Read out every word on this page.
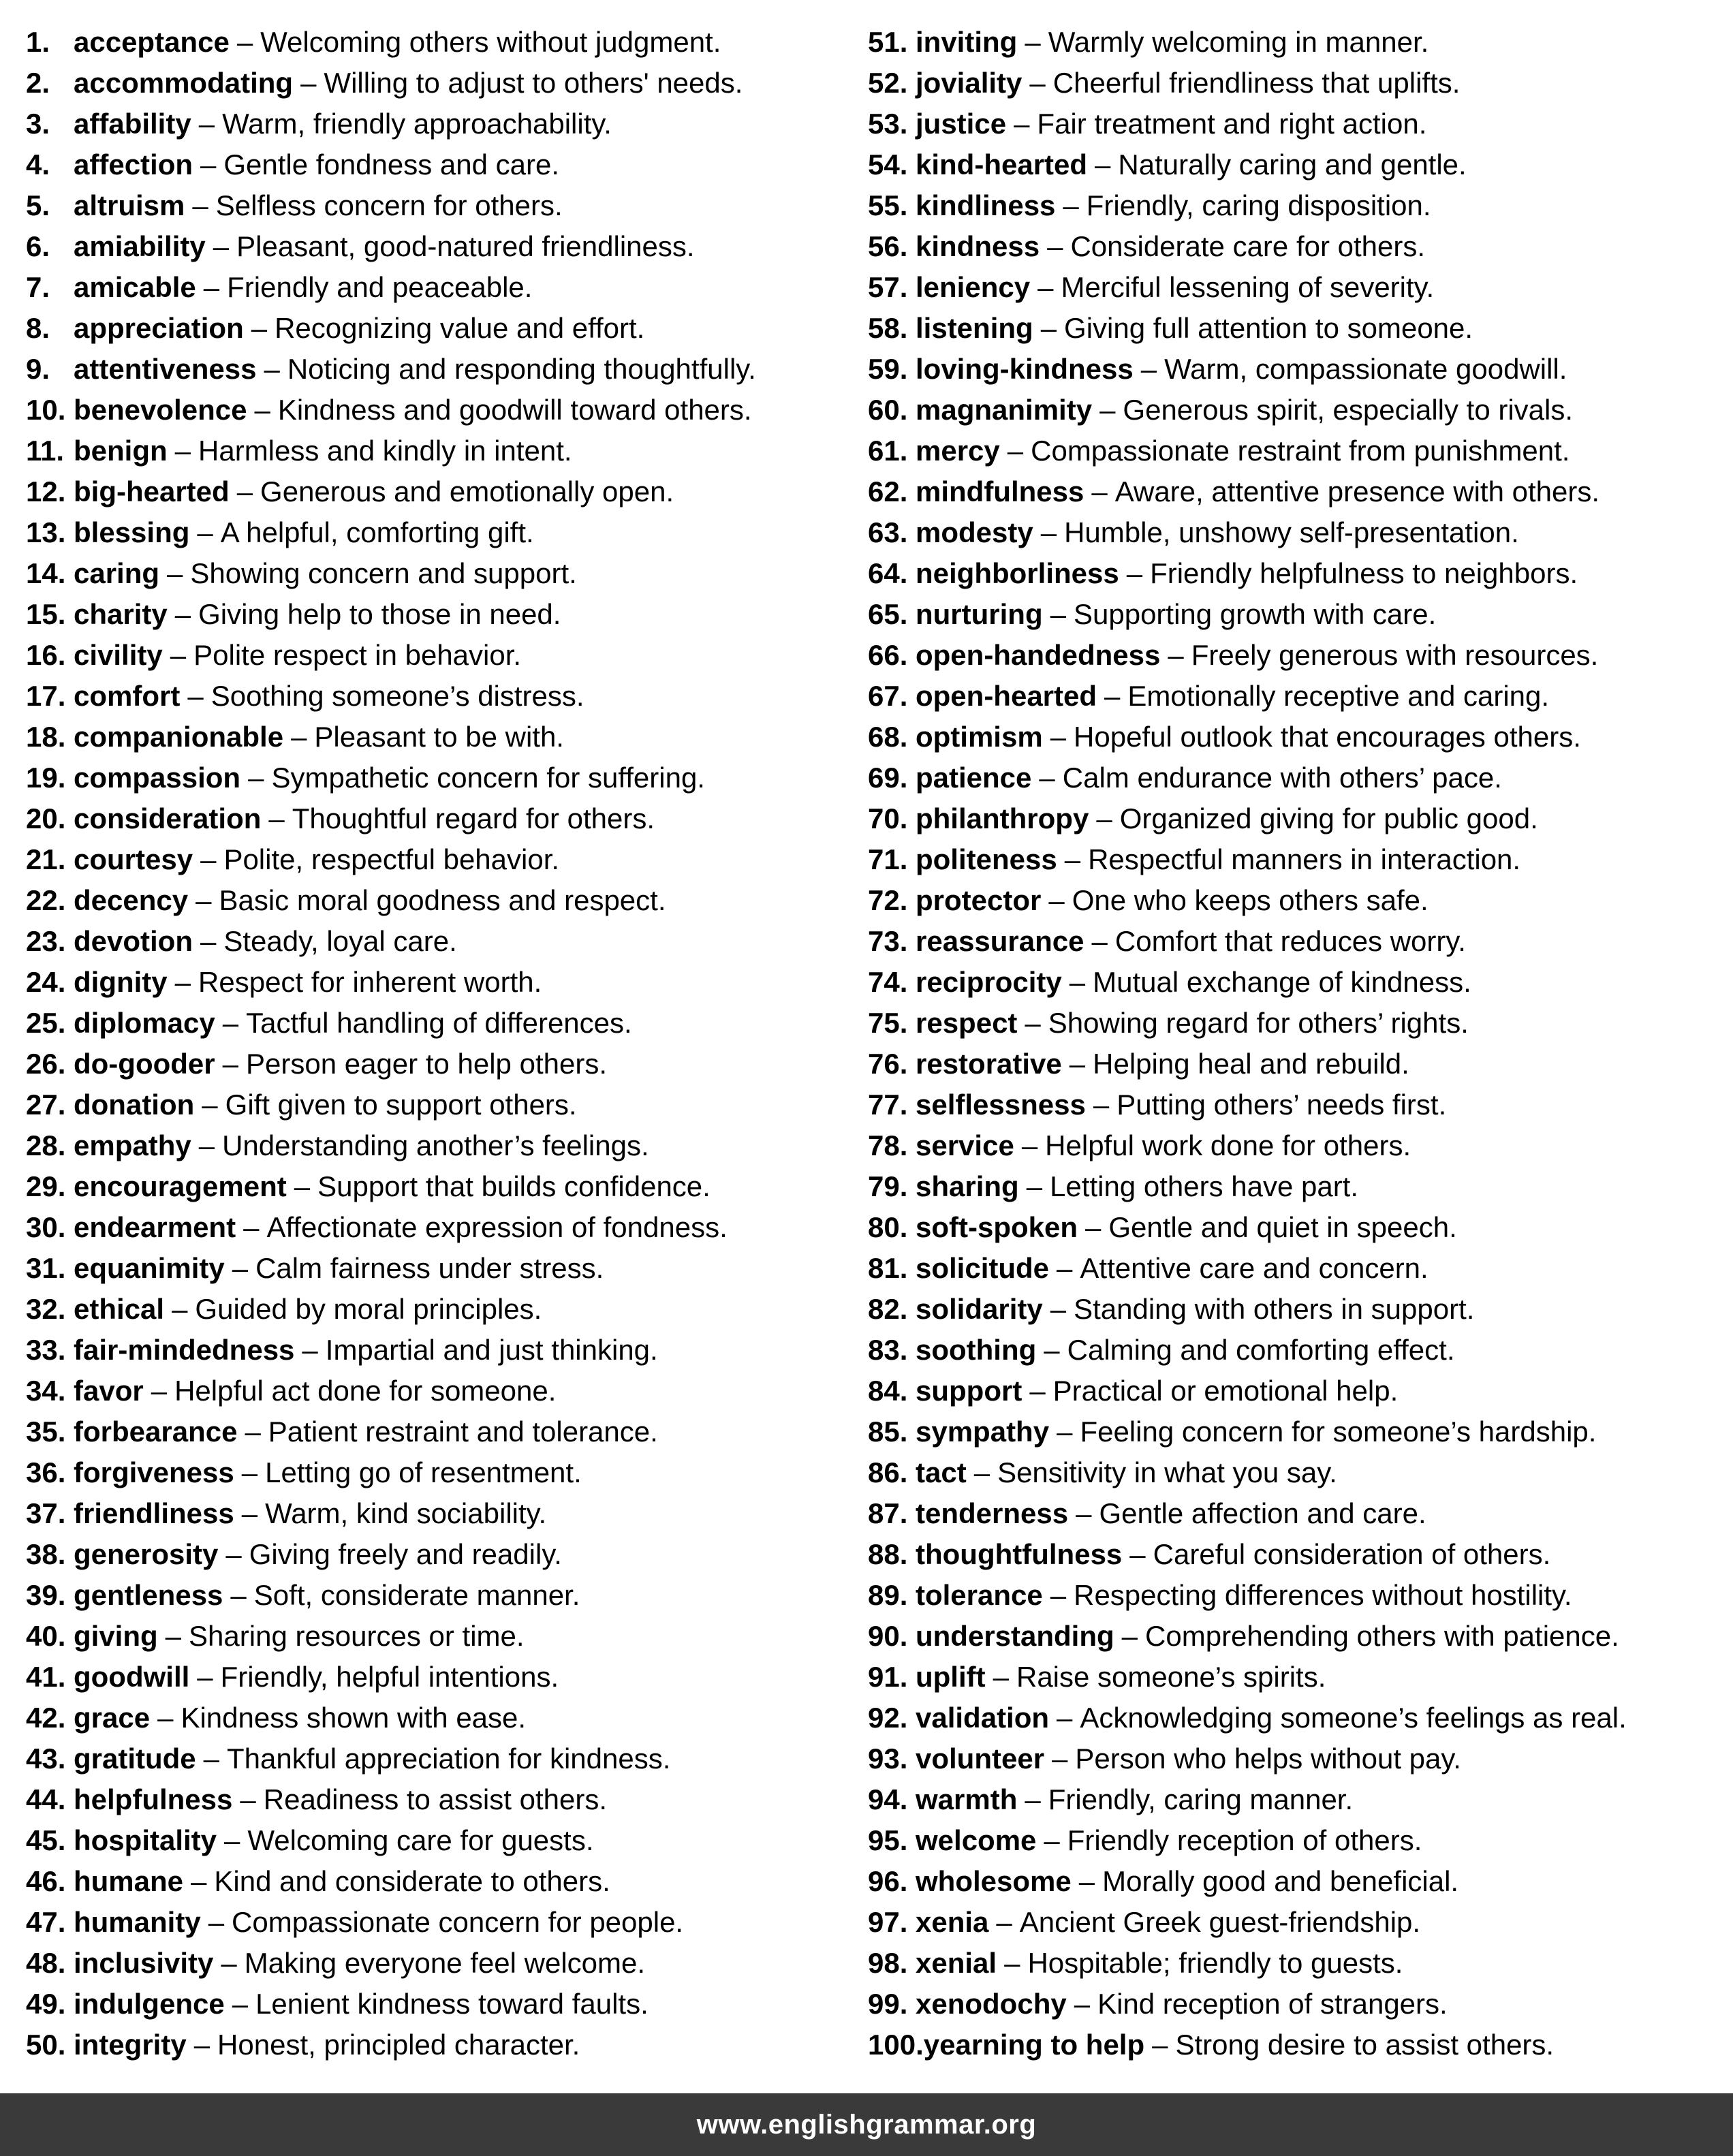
1. acceptance – Welcoming others without judgment.
2. accommodating – Willing to adjust to others' needs.
3. affability – Warm, friendly approachability.
4. affection – Gentle fondness and care.
5. altruism – Selfless concern for others.
6. amiability – Pleasant, good-natured friendliness.
7. amicable – Friendly and peaceable.
8. appreciation – Recognizing value and effort.
9. attentiveness – Noticing and responding thoughtfully.
10. benevolence – Kindness and goodwill toward others.
11. benign – Harmless and kindly in intent.
12. big-hearted – Generous and emotionally open.
13. blessing – A helpful, comforting gift.
14. caring – Showing concern and support.
15. charity – Giving help to those in need.
16. civility – Polite respect in behavior.
17. comfort – Soothing someone’s distress.
18. companionable – Pleasant to be with.
19. compassion – Sympathetic concern for suffering.
20. consideration – Thoughtful regard for others.
21. courtesy – Polite, respectful behavior.
22. decency – Basic moral goodness and respect.
23. devotion – Steady, loyal care.
24. dignity – Respect for inherent worth.
25. diplomacy – Tactful handling of differences.
26. do-gooder – Person eager to help others.
27. donation – Gift given to support others.
28. empathy – Understanding another’s feelings.
29. encouragement – Support that builds confidence.
30. endearment – Affectionate expression of fondness.
31. equanimity – Calm fairness under stress.
32. ethical – Guided by moral principles.
33. fair-mindedness – Impartial and just thinking.
34. favor – Helpful act done for someone.
35. forbearance – Patient restraint and tolerance.
36. forgiveness – Letting go of resentment.
37. friendliness – Warm, kind sociability.
38. generosity – Giving freely and readily.
39. gentleness – Soft, considerate manner.
40. giving – Sharing resources or time.
41. goodwill – Friendly, helpful intentions.
42. grace – Kindness shown with ease.
43. gratitude – Thankful appreciation for kindness.
44. helpfulness – Readiness to assist others.
45. hospitality – Welcoming care for guests.
46. humane – Kind and considerate to others.
47. humanity – Compassionate concern for people.
48. inclusivity – Making everyone feel welcome.
49. indulgence – Lenient kindness toward faults.
50. integrity – Honest, principled character.
51. inviting – Warmly welcoming in manner.
52. joviality – Cheerful friendliness that uplifts.
53. justice – Fair treatment and right action.
54. kind-hearted – Naturally caring and gentle.
55. kindliness – Friendly, caring disposition.
56. kindness – Considerate care for others.
57. leniency – Merciful lessening of severity.
58. listening – Giving full attention to someone.
59. loving-kindness – Warm, compassionate goodwill.
60. magnanimity – Generous spirit, especially to rivals.
61. mercy – Compassionate restraint from punishment.
62. mindfulness – Aware, attentive presence with others.
63. modesty – Humble, unshowy self-presentation.
64. neighborliness – Friendly helpfulness to neighbors.
65. nurturing – Supporting growth with care.
66. open-handedness – Freely generous with resources.
67. open-hearted – Emotionally receptive and caring.
68. optimism – Hopeful outlook that encourages others.
69. patience – Calm endurance with others’ pace.
70. philanthropy – Organized giving for public good.
71. politeness – Respectful manners in interaction.
72. protector – One who keeps others safe.
73. reassurance – Comfort that reduces worry.
74. reciprocity – Mutual exchange of kindness.
75. respect – Showing regard for others’ rights.
76. restorative – Helping heal and rebuild.
77. selflessness – Putting others’ needs first.
78. service – Helpful work done for others.
79. sharing – Letting others have part.
80. soft-spoken – Gentle and quiet in speech.
81. solicitude – Attentive care and concern.
82. solidarity – Standing with others in support.
83. soothing – Calming and comforting effect.
84. support – Practical or emotional help.
85. sympathy – Feeling concern for someone’s hardship.
86. tact – Sensitivity in what you say.
87. tenderness – Gentle affection and care.
88. thoughtfulness – Careful consideration of others.
89. tolerance – Respecting differences without hostility.
90. understanding – Comprehending others with patience.
91. uplift – Raise someone’s spirits.
92. validation – Acknowledging someone’s feelings as real.
93. volunteer – Person who helps without pay.
94. warmth – Friendly, caring manner.
95. welcome – Friendly reception of others.
96. wholesome – Morally good and beneficial.
97. xenia – Ancient Greek guest-friendship.
98. xenial – Hospitable; friendly to guests.
99. xenodochy – Kind reception of strangers.
100.yearning to help – Strong desire to assist others.
www.englishgrammar.org
